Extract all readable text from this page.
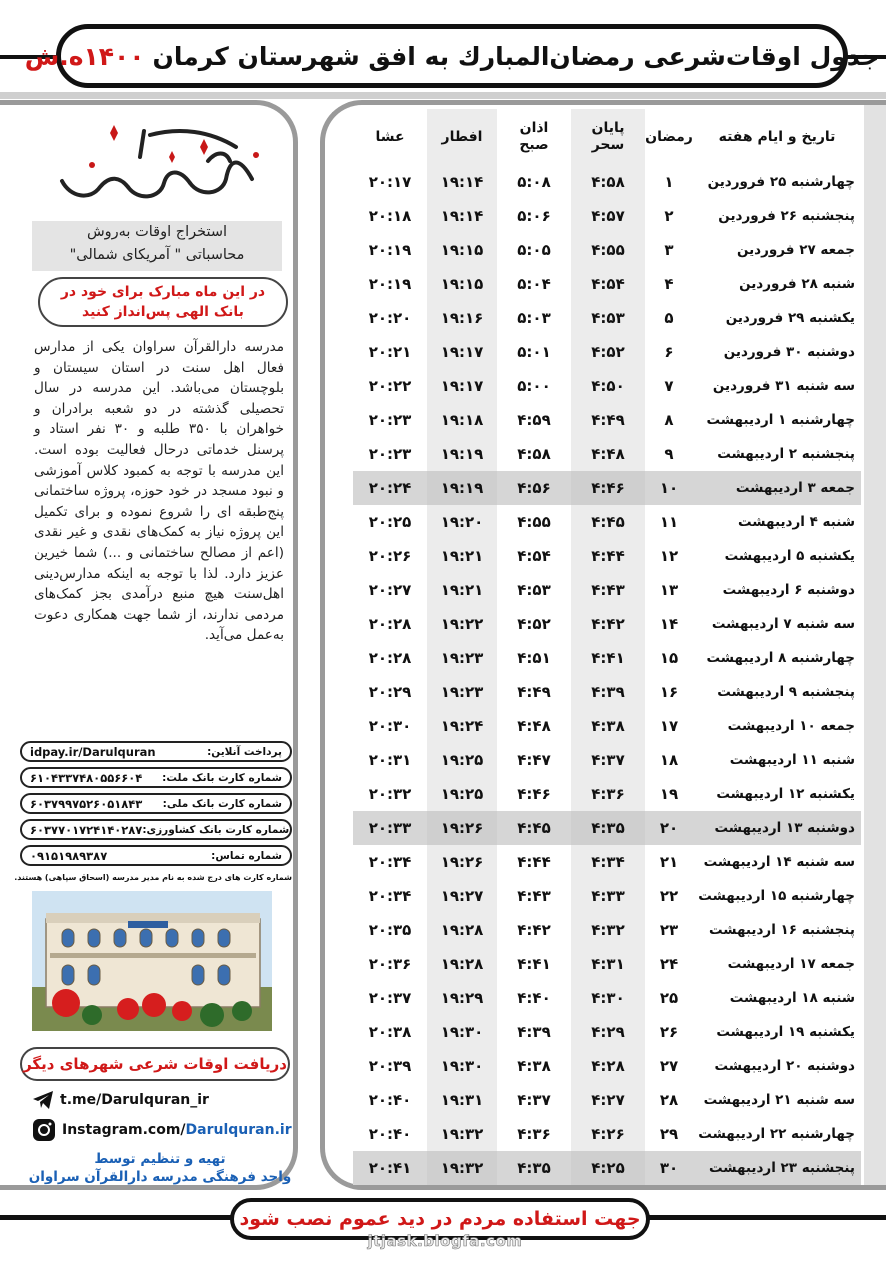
جدول اوقات‌شرعی رمضان‌المبارك به افق شهرستان كرمان
۱۴۰۰ه.ش
تاریخ و ایام هفته	رمضان	پایان سحر	اذان صبح	افطار	عشا
چهارشنبه ۲۵ فروردین	۱	۴:۵۸	۵:۰۸	۱۹:۱۴	۲۰:۱۷
پنجشنبه ۲۶ فروردین	۲	۴:۵۷	۵:۰۶	۱۹:۱۴	۲۰:۱۸
جمعه ۲۷ فروردین	۳	۴:۵۵	۵:۰۵	۱۹:۱۵	۲۰:۱۹
شنبه ۲۸ فروردین	۴	۴:۵۴	۵:۰۴	۱۹:۱۵	۲۰:۱۹
یکشنبه ۲۹ فروردین	۵	۴:۵۳	۵:۰۳	۱۹:۱۶	۲۰:۲۰
دوشنبه ۳۰ فروردین	۶	۴:۵۲	۵:۰۱	۱۹:۱۷	۲۰:۲۱
سه شنبه ۳۱ فروردین	۷	۴:۵۰	۵:۰۰	۱۹:۱۷	۲۰:۲۲
چهارشنبه ۱ اردیبهشت	۸	۴:۴۹	۴:۵۹	۱۹:۱۸	۲۰:۲۳
پنجشنبه ۲ اردیبهشت	۹	۴:۴۸	۴:۵۸	۱۹:۱۹	۲۰:۲۳
جمعه ۳ اردیبهشت	۱۰	۴:۴۶	۴:۵۶	۱۹:۱۹	۲۰:۲۴
شنبه ۴ اردیبهشت	۱۱	۴:۴۵	۴:۵۵	۱۹:۲۰	۲۰:۲۵
یکشنبه ۵ اردیبهشت	۱۲	۴:۴۴	۴:۵۴	۱۹:۲۱	۲۰:۲۶
دوشنبه ۶ اردیبهشت	۱۳	۴:۴۳	۴:۵۳	۱۹:۲۱	۲۰:۲۷
سه شنبه ۷ اردیبهشت	۱۴	۴:۴۲	۴:۵۲	۱۹:۲۲	۲۰:۲۸
چهارشنبه ۸ اردیبهشت	۱۵	۴:۴۱	۴:۵۱	۱۹:۲۳	۲۰:۲۸
پنجشنبه ۹ اردیبهشت	۱۶	۴:۳۹	۴:۴۹	۱۹:۲۳	۲۰:۲۹
جمعه ۱۰ اردیبهشت	۱۷	۴:۳۸	۴:۴۸	۱۹:۲۴	۲۰:۳۰
شنبه ۱۱ اردیبهشت	۱۸	۴:۳۷	۴:۴۷	۱۹:۲۵	۲۰:۳۱
یکشنبه ۱۲ اردیبهشت	۱۹	۴:۳۶	۴:۴۶	۱۹:۲۵	۲۰:۳۲
دوشنبه ۱۳ اردیبهشت	۲۰	۴:۳۵	۴:۴۵	۱۹:۲۶	۲۰:۳۳
سه شنبه ۱۴ اردیبهشت	۲۱	۴:۳۴	۴:۴۴	۱۹:۲۶	۲۰:۳۴
چهارشنبه ۱۵ اردیبهشت	۲۲	۴:۳۳	۴:۴۳	۱۹:۲۷	۲۰:۳۴
پنجشنبه ۱۶ اردیبهشت	۲۳	۴:۳۲	۴:۴۲	۱۹:۲۸	۲۰:۳۵
جمعه ۱۷ اردیبهشت	۲۴	۴:۳۱	۴:۴۱	۱۹:۲۸	۲۰:۳۶
شنبه ۱۸ اردیبهشت	۲۵	۴:۳۰	۴:۴۰	۱۹:۲۹	۲۰:۳۷
یکشنبه ۱۹ اردیبهشت	۲۶	۴:۲۹	۴:۳۹	۱۹:۳۰	۲۰:۳۸
دوشنبه ۲۰ اردیبهشت	۲۷	۴:۲۸	۴:۳۸	۱۹:۳۰	۲۰:۳۹
سه شنبه ۲۱ اردیبهشت	۲۸	۴:۲۷	۴:۳۷	۱۹:۳۱	۲۰:۴۰
چهارشنبه ۲۲ اردیبهشت	۲۹	۴:۲۶	۴:۳۶	۱۹:۳۲	۲۰:۴۰
پنجشنبه ۲۳ اردیبهشت	۳۰	۴:۲۵	۴:۳۵	۱۹:۳۲	۲۰:۴۱
استخراج اوقات به‌روش
محاسباتی " آمریکای شمالی"
در این ماه مبارک برای خود در
بانک الهی پس‌انداز کنید
مدرسه دارالقرآن سراوان یکی از مدارس فعال اهل سنت در استان سیستان و بلوچستان می‌باشد. این مدرسه در سال تحصیلی گذشته در دو شعبه برادران و خواهران با ۳۵۰ طلبه و ۳۰ نفر استاد و پرسنل خدماتی درحال فعالیت بوده است. این مدرسه با توجه به کمبود کلاس آموزشی و نبود مسجد در خود حوزه، پروژه ساختمانی پنج‌طبقه ای را شروع نموده و برای تکمیل این پروژه نیاز به کمک‌های نقدی و غیر نقدی (اعم از مصالح ساختمانی و ...) شما خیرین عزیز دارد. لذا با توجه به اینکه مدارس‌دینی اهل‌سنت هیچ منبع درآمدی بجز کمک‌های مردمی ندارند، از شما جهت همکاری دعوت به‌عمل می‌آید.
idpay.ir/Darulquran	پرداخت آنلاین:
۶۱۰۴۳۳۷۴۸۰۵۵۶۶۰۴ شماره کارت بانک ملت:
۶۰۳۷۹۹۷۵۲۶۰۵۱۸۴۳ شماره کارت بانک ملی:
۶۰۳۷۷۰۱۷۲۴۱۴۰۲۸۷ شماره کارت بانک کشاورزی:
۰۹۱۵۱۹۸۹۳۸۷	شماره تماس:
شماره کارت های درج شده به نام مدیر مدرسه (اسحاق سپاهی) هستند.
دریافت اوقات شرعی شهرهای دیگر
t.me/Darulquran_ir
Instagram.com/Darulquran.ir
تهیه و تنظیم توسط
واحد فرهنگی مدرسه دارالقرآن سراوان
جهت استفاده مردم در دید عموم نصب شود
jtjask.blogfa.com
